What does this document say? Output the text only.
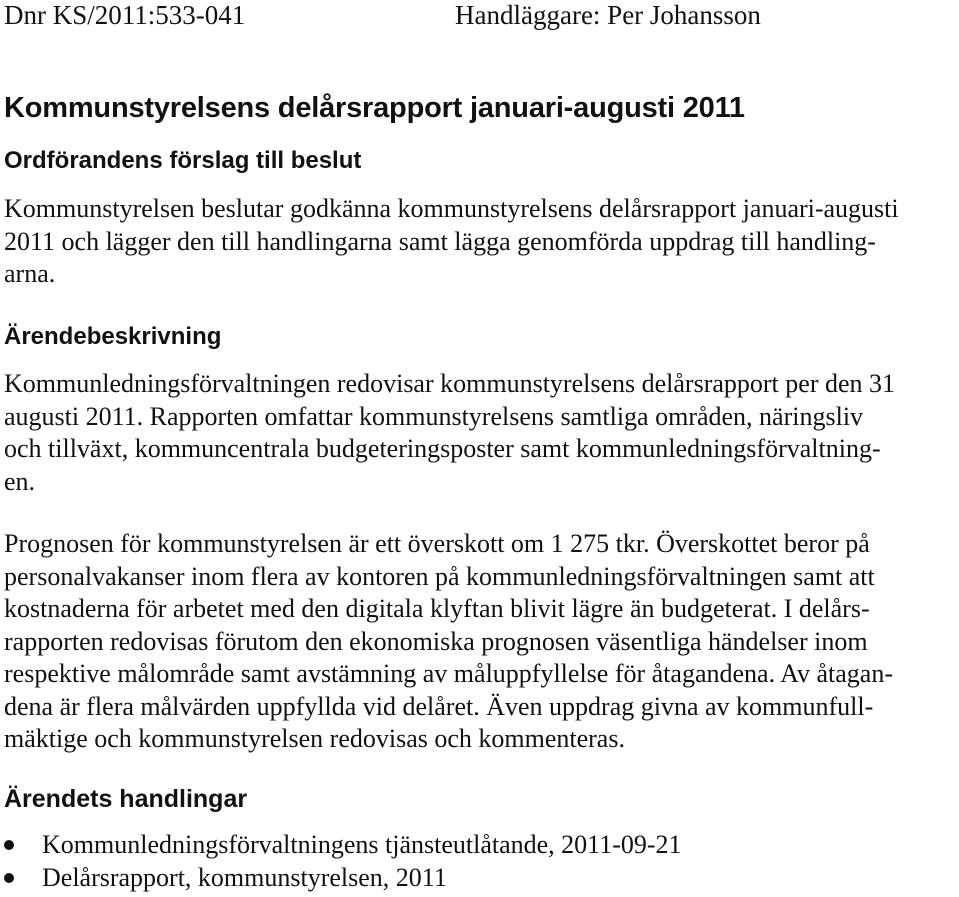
Dnr KS/2011:533-041	Handläggare: Per Johansson
Kommunstyrelsens delårsrapport januari-augusti 2011
Ordförandens förslag till beslut

Kommunstyrelsen beslutar godkänna kommunstyrelsens delårsrapport januari-augusti
2011 och lägger den till handlingarna samt lägga genomförda uppdrag till handling-
arna.

Ärendebeskrivning

Kommunledningsförvaltningen redovisar kommunstyrelsens delårsrapport per den 31
augusti 2011. Rapporten omfattar kommunstyrelsens samtliga områden, näringsliv
och tillväxt, kommuncentrala budgeteringsposter samt kommunledningsförvaltning-
en.

Prognosen för kommunstyrelsen är ett överskott om 1 275 tkr. Överskottet beror på
personalvakanser inom flera av kontoren på kommunledningsförvaltningen samt att
kostnaderna för arbetet med den digitala klyftan blivit lägre än budgeterat. I delårs-
rapporten redovisas förutom den ekonomiska prognosen väsentliga händelser inom
respektive målområde samt avstämning av måluppfyllelse för åtagandena. Av åtagan-
dena är flera målvärden uppfyllda vid delåret. Även uppdrag givna av kommunfull-
mäktige och kommunstyrelsen redovisas och kommenteras.

Ärendets handlingar
Kommunledningsförvaltningens tjänsteutlåtande, 2011-09-21
Delårsrapport, kommunstyrelsen, 2011
